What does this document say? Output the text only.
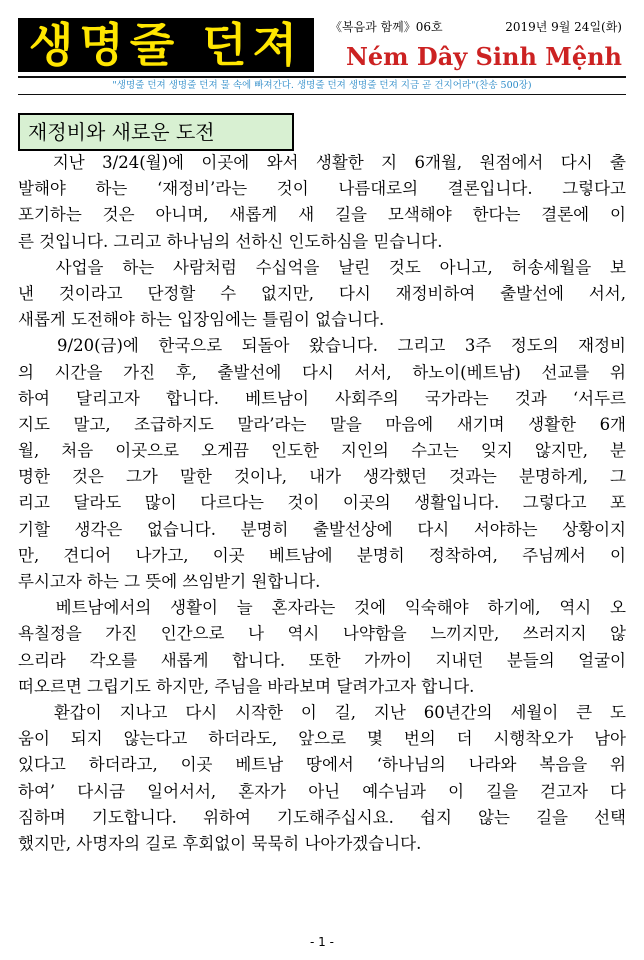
생명줄 던져	《복음과 함께》06호	2019년 9월 24일(화)
Ném Dây Sinh Mệnh
"생명줄 던져 생명줄 던져 물 속에 빠져간다. 생명줄 던져 생명줄 던져 지금 곧 건지어라"(찬송 500장)
재정비와 새로운 도전
지난 3/24(월)에 이곳에 와서 생활한 지 6개월, 원점에서 다시 출
발해야 하는 ‘재정비’라는 것이 나름대로의 결론입니다. 그렇다고
포기하는 것은 아니며, 새롭게 새 길을 모색해야 한다는 결론에 이
른 것입니다. 그리고 하나님의 선하신 인도하심을 믿습니다.
사업을 하는 사람처럼 수십억을 날린 것도 아니고, 허송세월을 보
낸 것이라고 단정할 수 없지만, 다시 재정비하여 출발선에 서서,
새롭게 도전해야 하는 입장임에는 틀림이 없습니다.
9/20(금)에 한국으로 되돌아 왔습니다. 그리고 3주 정도의 재정비
의 시간을 가진 후, 출발선에 다시 서서, 하노이(베트남) 선교를 위
하여 달리고자 합니다. 베트남이 사회주의 국가라는 것과 ‘서두르
지도 말고, 조급하지도 말라’라는 말을 마음에 새기며 생활한 6개
월, 처음 이곳으로 오게끔 인도한 지인의 수고는 잊지 않지만, 분
명한 것은 그가 말한 것이나, 내가 생각했던 것과는 분명하게, 그
리고 달라도 많이 다르다는 것이 이곳의 생활입니다. 그렇다고 포
기할 생각은 없습니다. 분명히 출발선상에 다시 서야하는 상황이지
만, 견디어 나가고, 이곳 베트남에 분명히 정착하여, 주님께서 이
루시고자 하는 그 뜻에 쓰임받기 원합니다.
베트남에서의 생활이 늘 혼자라는 것에 익숙해야 하기에, 역시 오
욕칠정을 가진 인간으로 나 역시 나약함을 느끼지만, 쓰러지지 않
으리라 각오를 새롭게 합니다. 또한 가까이 지내던 분들의 얼굴이
떠오르면 그립기도 하지만, 주님을 바라보며 달려가고자 합니다.
환갑이 지나고 다시 시작한 이 길, 지난 60년간의 세월이 큰 도
움이 되지 않는다고 하더라도, 앞으로 몇 번의 더 시행착오가 남아
있다고 하더라고, 이곳 베트남 땅에서 ‘하나님의 나라와 복음을 위
하여’ 다시금 일어서서, 혼자가 아닌 예수님과 이 길을 걷고자 다
짐하며 기도합니다. 위하여 기도해주십시요. 쉽지 않는 길을 선택
했지만, 사명자의 길로 후회없이 묵묵히 나아가겠습니다.
- 1 -
